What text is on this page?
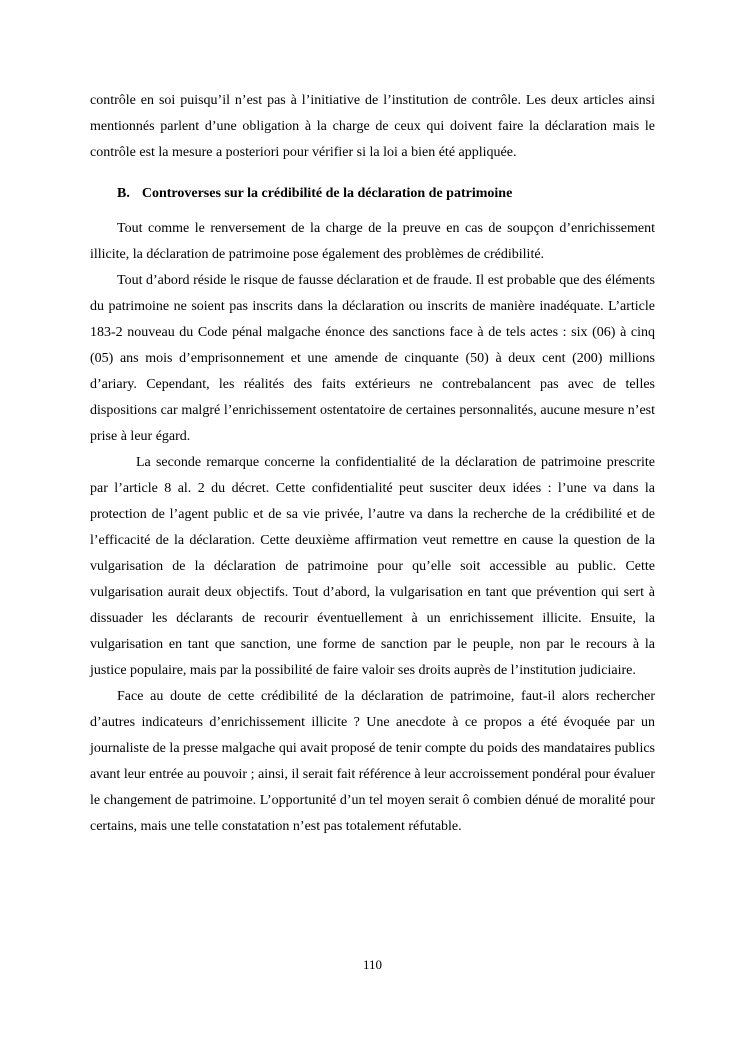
contrôle en soi puisqu’il n’est pas à l’initiative de l’institution de contrôle. Les deux articles ainsi mentionnés parlent d’une obligation à la charge de ceux qui doivent faire la déclaration mais le contrôle est la mesure a posteriori pour vérifier si la loi a bien été appliquée.

B. Controverses sur la crédibilité de la déclaration de patrimoine

Tout comme le renversement de la charge de la preuve en cas de soupçon d’enrichissement illicite, la déclaration de patrimoine pose également des problèmes de crédibilité.

Tout d’abord réside le risque de fausse déclaration et de fraude. Il est probable que des éléments du patrimoine ne soient pas inscrits dans la déclaration ou inscrits de manière inadéquate. L’article 183-2 nouveau du Code pénal malgache énonce des sanctions face à de tels actes : six (06) à cinq (05) ans mois d’emprisonnement et une amende de cinquante (50) à deux cent (200) millions d’ariary. Cependant, les réalités des faits extérieurs ne contrebalancent pas avec de telles dispositions car malgré l’enrichissement ostentatoire de certaines personnalités, aucune mesure n’est prise à leur égard.

La seconde remarque concerne la confidentialité de la déclaration de patrimoine prescrite par l’article 8 al. 2 du décret. Cette confidentialité peut susciter deux idées : l’une va dans la protection de l’agent public et de sa vie privée, l’autre va dans la recherche de la crédibilité et de l’efficacité de la déclaration. Cette deuxième affirmation veut remettre en cause la question de la vulgarisation de la déclaration de patrimoine pour qu’elle soit accessible au public. Cette vulgarisation aurait deux objectifs. Tout d’abord, la vulgarisation en tant que prévention qui sert à dissuader les déclarants de recourir éventuellement à un enrichissement illicite. Ensuite, la vulgarisation en tant que sanction, une forme de sanction par le peuple, non par le recours à la justice populaire, mais par la possibilité de faire valoir ses droits auprès de l’institution judiciaire.

Face au doute de cette crédibilité de la déclaration de patrimoine, faut-il alors rechercher d’autres indicateurs d’enrichissement illicite ? Une anecdote à ce propos a été évoquée par un journaliste de la presse malgache qui avait proposé de tenir compte du poids des mandataires publics avant leur entrée au pouvoir ; ainsi, il serait fait référence à leur accroissement pondéral pour évaluer le changement de patrimoine. L’opportunité d’un tel moyen serait ô combien dénué de moralité pour certains, mais une telle constatation n’est pas totalement réfutable.

110
